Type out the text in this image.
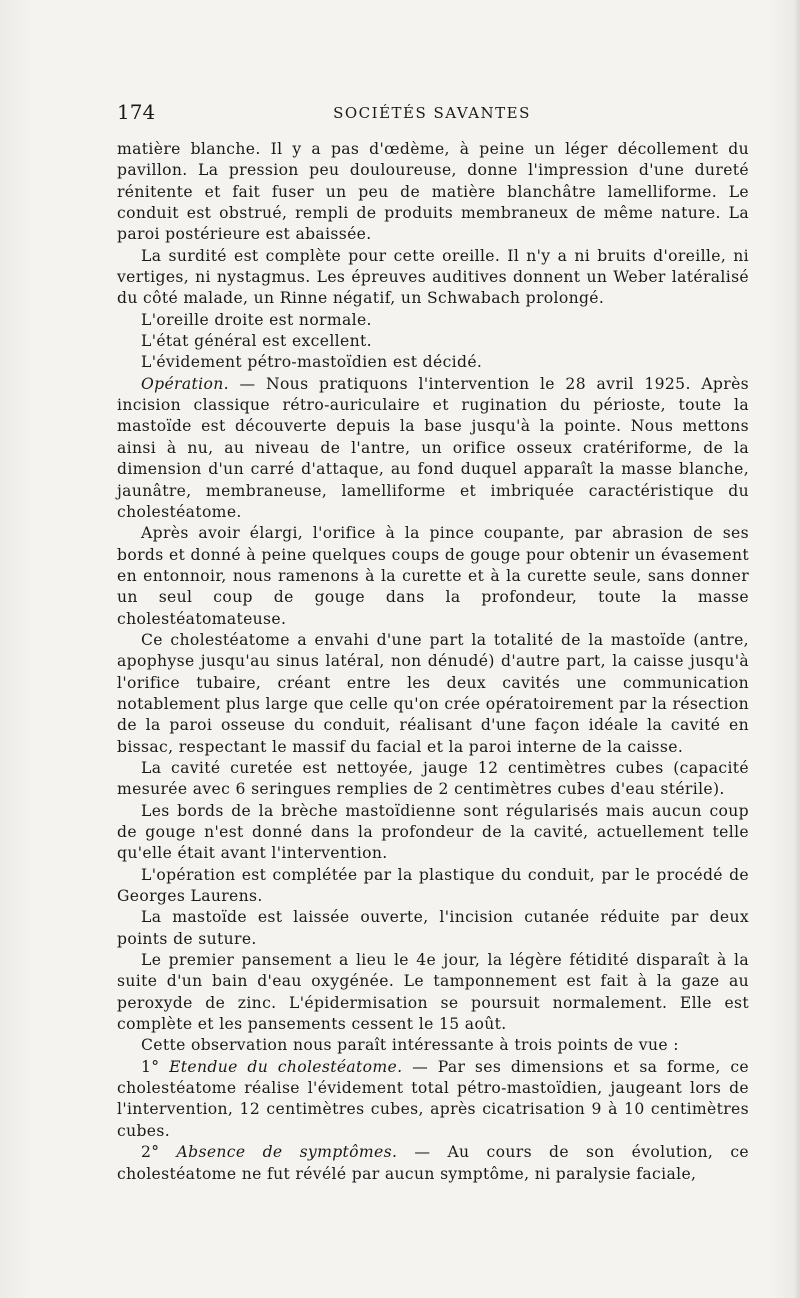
174	SOCIÉTÉS SAVANTES

matière blanche. Il y a pas d'œdème, à peine un léger décollement du pavillon. La pression peu douloureuse, donne l'impression d'une dureté rénitente et fait fuser un peu de matière blanchâtre lamelliforme. Le conduit est obstrué, rempli de produits membraneux de même nature. La paroi postérieure est abaissée.

La surdité est complète pour cette oreille. Il n'y a ni bruits d'oreille, ni vertiges, ni nystagmus. Les épreuves auditives donnent un Weber latéralisé du côté malade, un Rinne négatif, un Schwabach prolongé.

L'oreille droite est normale.

L'état général est excellent.

L'évidement pétro-mastoïdien est décidé.

Opération. — Nous pratiquons l'intervention le 28 avril 1925. Après incision classique rétro-auriculaire et rugination du périoste, toute la mastoïde est découverte depuis la base jusqu'à la pointe. Nous mettons ainsi à nu, au niveau de l'antre, un orifice osseux cratériforme, de la dimension d'un carré d'attaque, au fond duquel apparaît la masse blanche, jaunâtre, membraneuse, lamelliforme et imbriquée caractéristique du cholestéatome.

Après avoir élargi, l'orifice à la pince coupante, par abrasion de ses bords et donné à peine quelques coups de gouge pour obtenir un évasement en entonnoir, nous ramenons à la curette et à la curette seule, sans donner un seul coup de gouge dans la profondeur, toute la masse cholestéatomateuse.

Ce cholestéatome a envahi d'une part la totalité de la mastoïde (antre, apophyse jusqu'au sinus latéral, non dénudé) d'autre part, la caisse jusqu'à l'orifice tubaire, créant entre les deux cavités une communication notablement plus large que celle qu'on crée opératoirement par la résection de la paroi osseuse du conduit, réalisant d'une façon idéale la cavité en bissac, respectant le massif du facial et la paroi interne de la caisse.

La cavité curetée est nettoyée, jauge 12 centimètres cubes (capacité mesurée avec 6 seringues remplies de 2 centimètres cubes d'eau stérile).

Les bords de la brèche mastoïdienne sont régularisés mais aucun coup de gouge n'est donné dans la profondeur de la cavité, actuellement telle qu'elle était avant l'intervention.

L'opération est complétée par la plastique du conduit, par le procédé de Georges Laurens.

La mastoïde est laissée ouverte, l'incision cutanée réduite par deux points de suture.

Le premier pansement a lieu le 4e jour, la légère fétidité disparaît à la suite d'un bain d'eau oxygénée. Le tamponnement est fait à la gaze au peroxyde de zinc. L'épidermisation se poursuit normalement. Elle est complète et les pansements cessent le 15 août.

Cette observation nous paraît intéressante à trois points de vue :

1° Etendue du cholestéatome. — Par ses dimensions et sa forme, ce cholestéatome réalise l'évidement total pétro-mastoïdien, jaugeant lors de l'intervention, 12 centimètres cubes, après cicatrisation 9 à 10 centimètres cubes.

2° Absence de symptômes. — Au cours de son évolution, ce cholestéatome ne fut révélé par aucun symptôme, ni paralysie faciale,
